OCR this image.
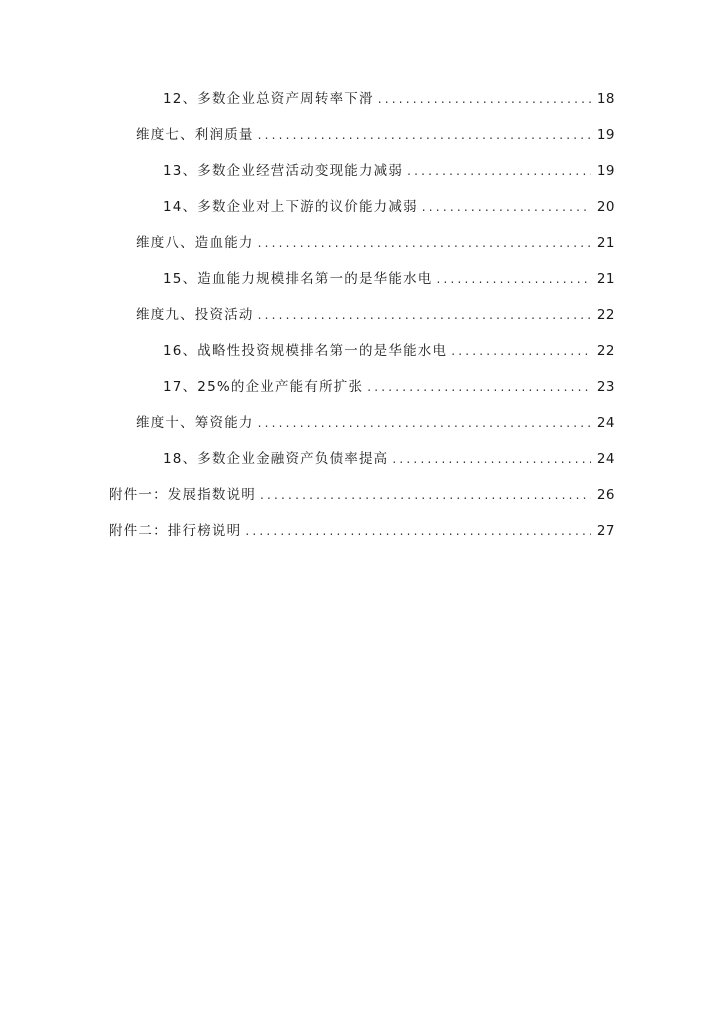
12、多数企业总资产周转率下滑 .....	18
维度七、利润质量 .....	19
13、多数企业经营活动变现能力减弱 .....	19
14、多数企业对上下游的议价能力减弱 .....	20
维度八、造血能力 .....	21
15、造血能力规模排名第一的是华能水电 .....	21
维度九、投资活动 .....	22
16、战略性投资规模排名第一的是华能水电 .....	22
17、25%的企业产能有所扩张 .....	23
维度十、筹资能力 .....	24
18、多数企业金融资产负债率提高 .....	24
附件一：发展指数说明 .....	26
附件二：排行榜说明 .....	27
